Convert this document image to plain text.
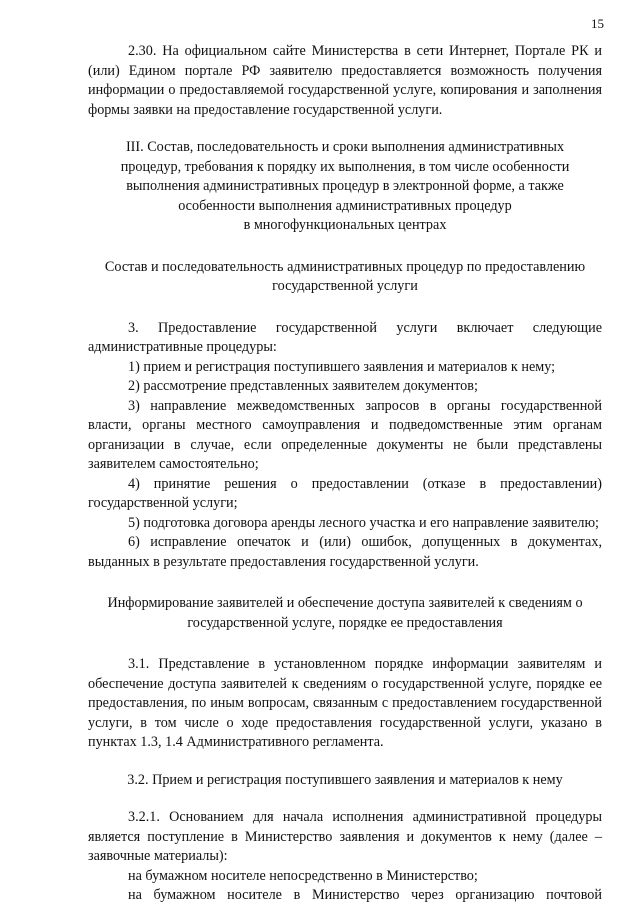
15

2.30. На официальном сайте Министерства в сети Интернет, Портале РК и (или) Едином портале РФ заявителю предоставляется возможность получения информации о предоставляемой государственной услуге, копирования и заполнения формы заявки на предоставление государственной услуги.

III. Состав, последовательность и сроки выполнения административных
процедур, требования к порядку их выполнения, в том числе особенности
выполнения административных процедур в электронной форме, а также
особенности выполнения административных процедур
в многофункциональных центрах
Состав и последовательность административных процедур по предоставлению
государственной услуги

3. Предоставление государственной услуги включает следующие административные процедуры:

1) прием и регистрация поступившего заявления и материалов к нему;

2) рассмотрение представленных заявителем документов;

3) направление межведомственных запросов в органы государственной власти, органы местного самоуправления и подведомственные этим органам организации в случае, если определенные документы не были представлены заявителем самостоятельно;

4) принятие решения о предоставлении (отказе в предоставлении) государственной услуги;

5) подготовка договора аренды лесного участка и его направление заявителю;

6) исправление опечаток и (или) ошибок, допущенных в документах, выданных в результате предоставления государственной услуги.

Информирование заявителей и обеспечение доступа заявителей к сведениям о
государственной услуге, порядке ее предоставления

3.1. Представление в установленном порядке информации заявителям и обеспечение доступа заявителей к сведениям о государственной услуге, порядке ее предоставления, по иным вопросам, связанным с предоставлением государственной услуги, в том числе о ходе предоставления государственной услуги, указано в пунктах 1.3, 1.4 Административного регламента.

3.2. Прием и регистрация поступившего заявления и материалов к нему

3.2.1. Основанием для начала исполнения административной процедуры является поступление в Министерство заявления и документов к нему (далее – заявочные материалы):

на бумажном носителе непосредственно в Министерство;

на бумажном носителе в Министерство через организацию почтовой
